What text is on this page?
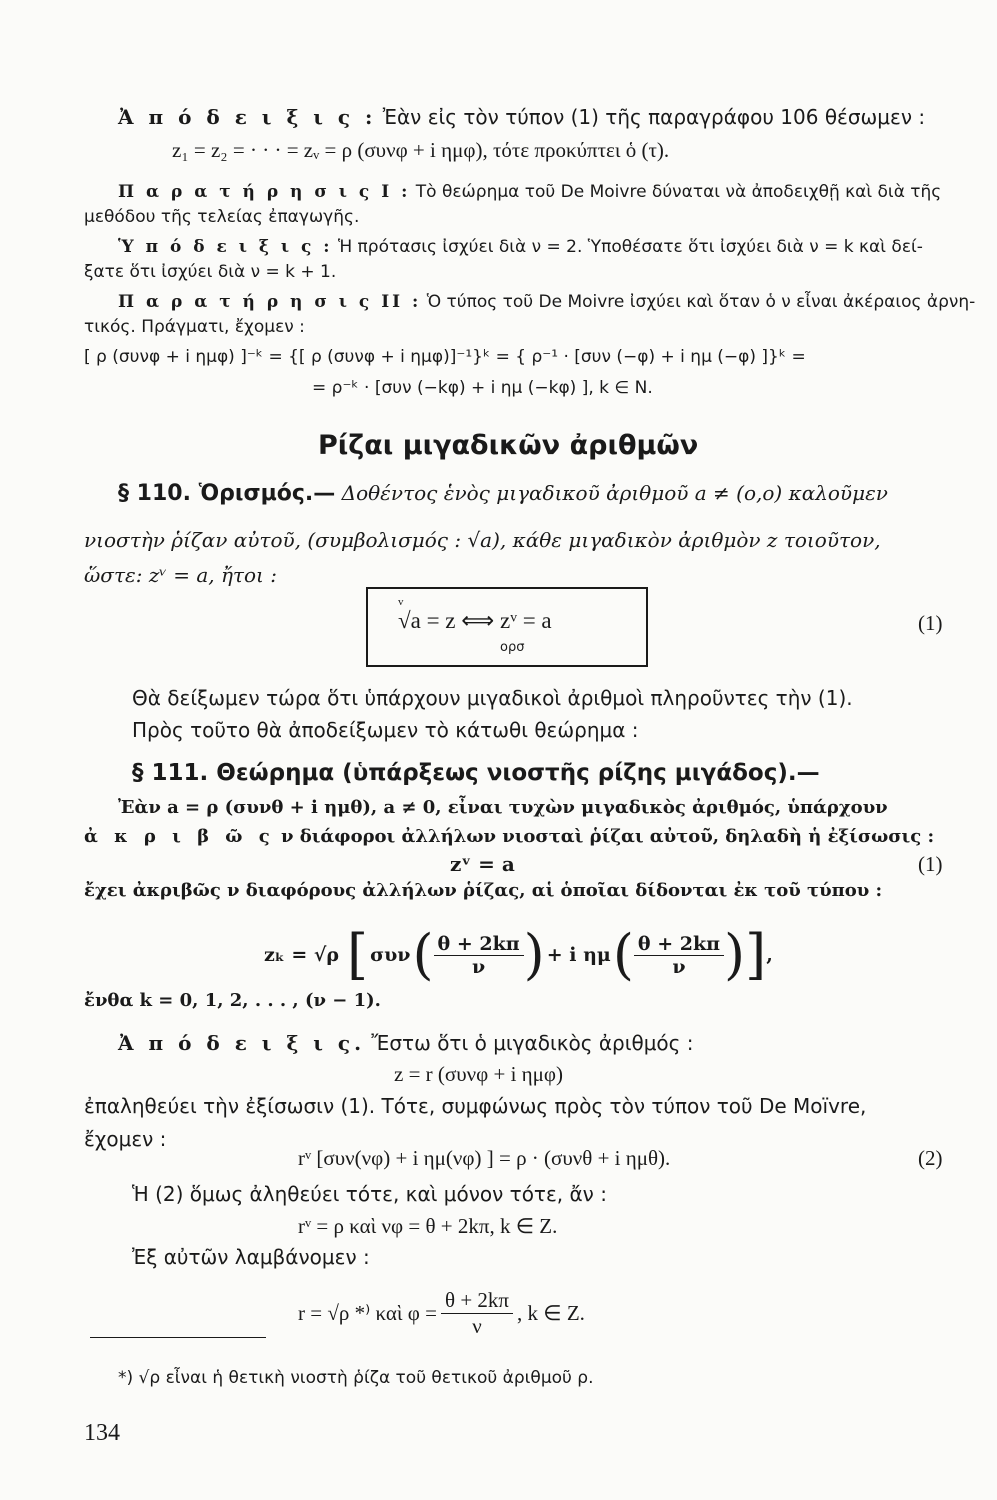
Ἀ π ό δ ε ι ξ ι ς : Ἐὰν εἰς τὸν τύπον (1) τῆς παραγράφου 106 θέσωμεν :
z₁ = z₂ = · · · = zᵥ = ρ (συνφ + i ημφ), τότε προκύπτει ὁ (τ).
Π α ρ α τ ή ρ η σ ι ς I : Τὸ θεώρημα τοῦ De Moivre δύναται νὰ ἀποδειχθῇ καὶ διὰ τῆς
μεθόδου τῆς τελείας ἐπαγωγῆς.
Ὑ π ό δ ε ι ξ ι ς : Ἡ πρότασις ἰσχύει διὰ ν = 2. Ὑποθέσατε ὅτι ἰσχύει διὰ ν = k καὶ δεί-
ξατε ὅτι ἰσχύει διὰ ν = k + 1.
Π α ρ α τ ή ρ η σ ι ς II : Ὁ τύπος τοῦ De Moivre ἰσχύει καὶ ὅταν ὁ ν εἶναι ἀκέραιος ἀρνη-
τικός. Πράγματι, ἔχομεν :
[ ρ (συνφ + i ημφ) ]⁻ᵏ = {[ ρ (συνφ + i ημφ)]⁻¹}ᵏ = { ρ⁻¹ · [συν (−φ) + i ημ (−φ) ]}ᵏ =
= ρ⁻ᵏ · [συν (−kφ) + i ημ (−kφ) ], k ∈ N.
Ρίζαι μιγαδικῶν ἀριθμῶν
§ 110. Ὁρισμός.— Δοθέντος ἑνὸς μιγαδικοῦ ἀριθμοῦ a ≠ (o,o) καλοῦμεν
νιοστὴν ῥίζαν αὐτοῦ, (συμβολισμός : √a), κάθε μιγαδικὸν ἀριθμὸν z τοιοῦτον,
ὥστε: zᵛ = a, ἤτοι :
v
√a = z ⟺ zᵛ = a
ορσ
(1)
Θὰ δείξωμεν τώρα ὅτι ὑπάρχουν μιγαδικοὶ ἀριθμοὶ πληροῦντες τὴν (1).
Πρὸς τοῦτο θὰ ἀποδείξωμεν τὸ κάτωθι θεώρημα :
§ 111. Θεώρημα (ὑπάρξεως νιοστῆς ρίζης μιγάδος).—
Ἐὰν a = ρ (συνθ + i ημθ), a ≠ 0, εἶναι τυχὼν μιγαδικὸς ἀριθμός, ὑπάρχουν
ἀ κ ρ ι β ῶ ς ν διάφοροι ἀλλήλων νιοσταὶ ῥίζαι αὐτοῦ, δηλαδὴ ἡ ἐξίσωσις :
zᵛ = a	(1)
ἔχει ἀκριβῶς ν διαφόρους ἀλλήλων ῥίζας, αἱ ὁποῖαι δίδονται ἐκ τοῦ τύπου :
zₖ = √ρ [ συν ( $\frac{\theta + 2k\pi}{\nu}$ ) + i ημ ( $\frac{\theta + 2k\pi}{\nu}$ ) ] ,
ἔνθα k = 0, 1, 2, . . . , (ν − 1).
Ἀ π ό δ ε ι ξ ι ς. Ἔστω ὅτι ὁ μιγαδικὸς ἀριθμός :
z = r (συνφ + i ημφ)
ἐπαληθεύει τὴν ἐξίσωσιν (1). Τότε, συμφώνως πρὸς τὸν τύπον τοῦ De Moïvre,
ἔχομεν :
rᵛ [συν(νφ) + i ημ(νφ) ] = ρ · (συνθ + i ημθ).	(2)
Ἡ (2) ὅμως ἀληθεύει τότε, καὶ μόνον τότε, ἄν :
rᵛ = ρ καὶ νφ = θ + 2kπ, k ∈ Z.
Ἐξ αὐτῶν λαμβάνομεν :
r = √ρ *⁾ καὶ $\varphi = \frac{\theta + 2k\pi}{\nu}$ , k ∈ Z.
*) √ρ εἶναι ἡ θετικὴ νιοστὴ ῥίζα τοῦ θετικοῦ ἀριθμοῦ ρ.
134
